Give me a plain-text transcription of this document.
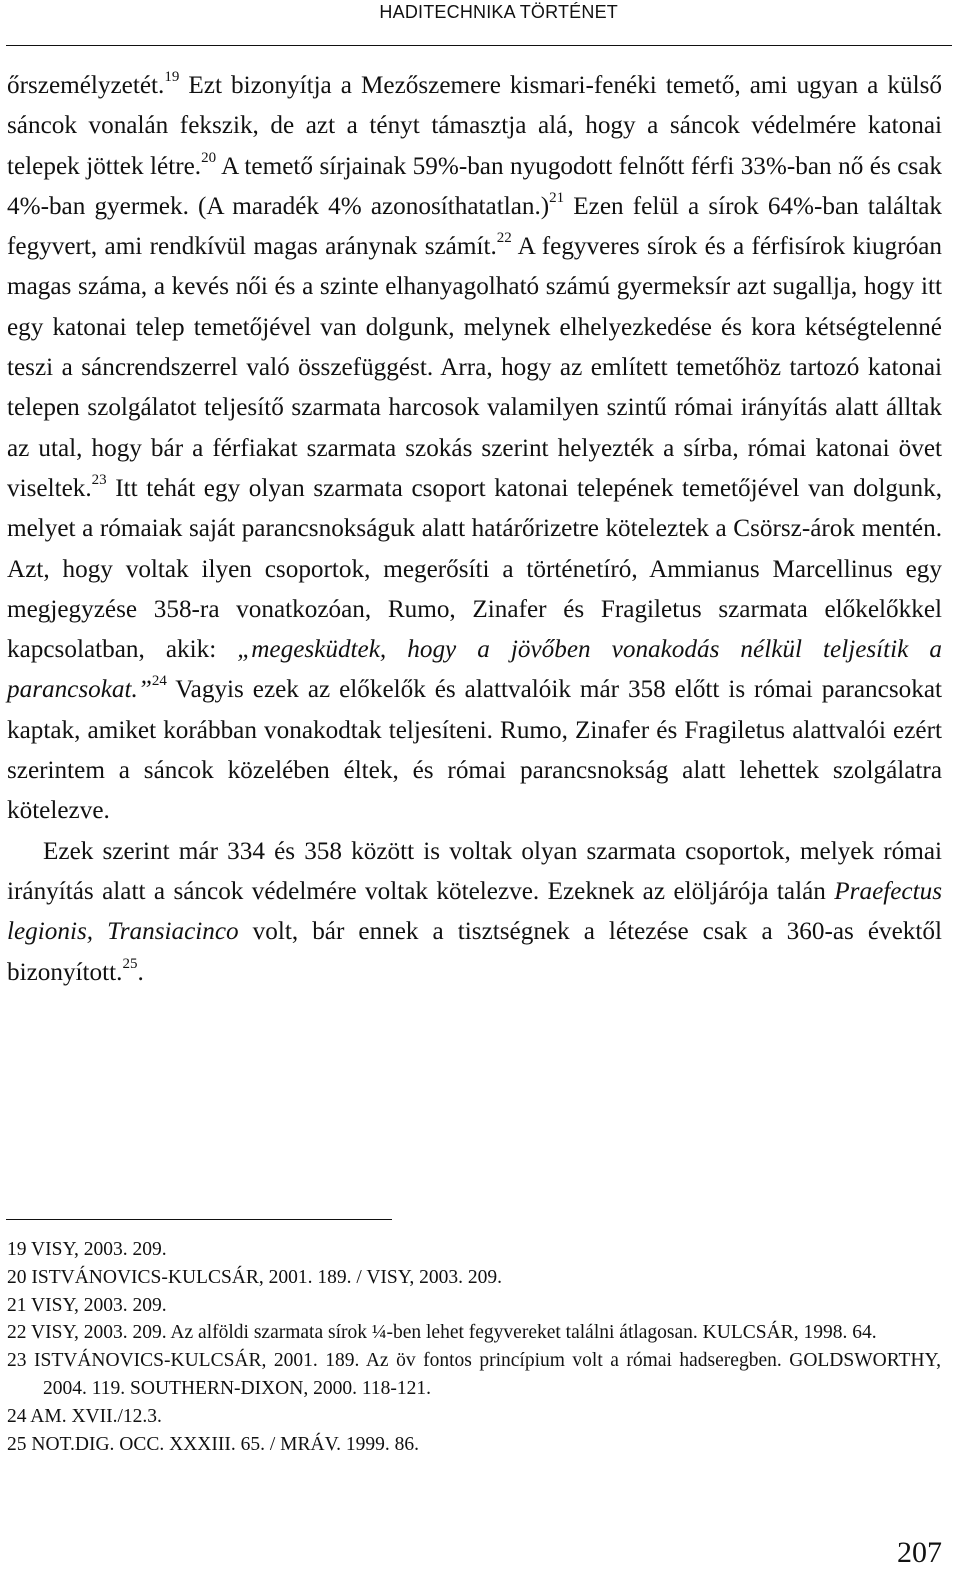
HADITECHNIKA TÖRTÉNET

őrszemélyzetét.$^{19}$ Ezt bizonyítja a Mezőszemere kismari-fenéki temető, ami ugyan a külső sáncok vonalán fekszik, de azt a tényt támasztja alá, hogy a sáncok védelmére katonai telepek jöttek létre.$^{20}$ A temető sírjainak 59%-ban nyugodott felnőtt férfi 33%-ban nő és csak 4%-ban gyermek. (A maradék 4% azonosíthatatlan.)$^{21}$ Ezen felül a sírok 64%-ban találtak fegyvert, ami rendkívül magas aránynak számít.$^{22}$ A fegyveres sírok és a férfisírok kiugróan magas száma, a kevés női és a szinte elhanyagolható számú gyermeksír azt sugallja, hogy itt egy katonai telep temetőjével van dolgunk, melynek elhelyezkedése és kora kétségtelenné teszi a sáncrendszerrel való összefüggést. Arra, hogy az említett temetőhöz tartozó katonai telepen szolgálatot teljesítő szarmata harcosok valamilyen szintű római irányítás alatt álltak az utal, hogy bár a férfiakat szarmata szokás szerint helyezték a sírba, római katonai övet viseltek.$^{23}$ Itt tehát egy olyan szarmata csoport katonai telepének temetőjével van dolgunk, melyet a rómaiak saját parancsnokságuk alatt határőrizetre köteleztek a Csörsz-árok mentén. Azt, hogy voltak ilyen csoportok, megerősíti a történetíró, Ammianus Marcellinus egy megjegyzése 358-ra vonatkozóan, Rumo, Zinafer és Fragiletus szarmata előkelőkkel kapcsolatban, akik: „megesküdtek, hogy a jövőben vonakodás nélkül teljesítik a parancsokat.”$^{24}$ Vagyis ezek az előkelők és alattvalóik már 358 előtt is római parancsokat kaptak, amiket korábban vonakodtak teljesíteni. Rumo, Zinafer és Fragiletus alattvalói ezért szerintem a sáncok közelében éltek, és római parancsnokság alatt lehettek szolgálatra kötelezve.

Ezek szerint már 334 és 358 között is voltak olyan szarmata csoportok, melyek római irányítás alatt a sáncok védelmére voltak kötelezve. Ezeknek az elöljárója talán Praefectus legionis, Transiacinco volt, bár ennek a tisztségnek a létezése csak a 360-as évektől bizonyított.$^{25}$.

19 VISY, 2003. 209.
20 ISTVÁNOVICS-KULCSÁR, 2001. 189. / VISY, 2003. 209.
21 VISY, 2003. 209.
22 VISY, 2003. 209. Az alföldi szarmata sírok ¼-ben lehet fegyvereket találni átlagosan. KULCSÁR, 1998. 64.
23 ISTVÁNOVICS-KULCSÁR, 2001. 189. Az öv fontos princípium volt a római hadseregben. GOLDSWORTHY, 2004. 119. SOUTHERN-DIXON, 2000. 118-121.
24 AM. XVII./12.3.
25 NOT.DIG. OCC. XXXIII. 65. / MRÁV. 1999. 86.
207
